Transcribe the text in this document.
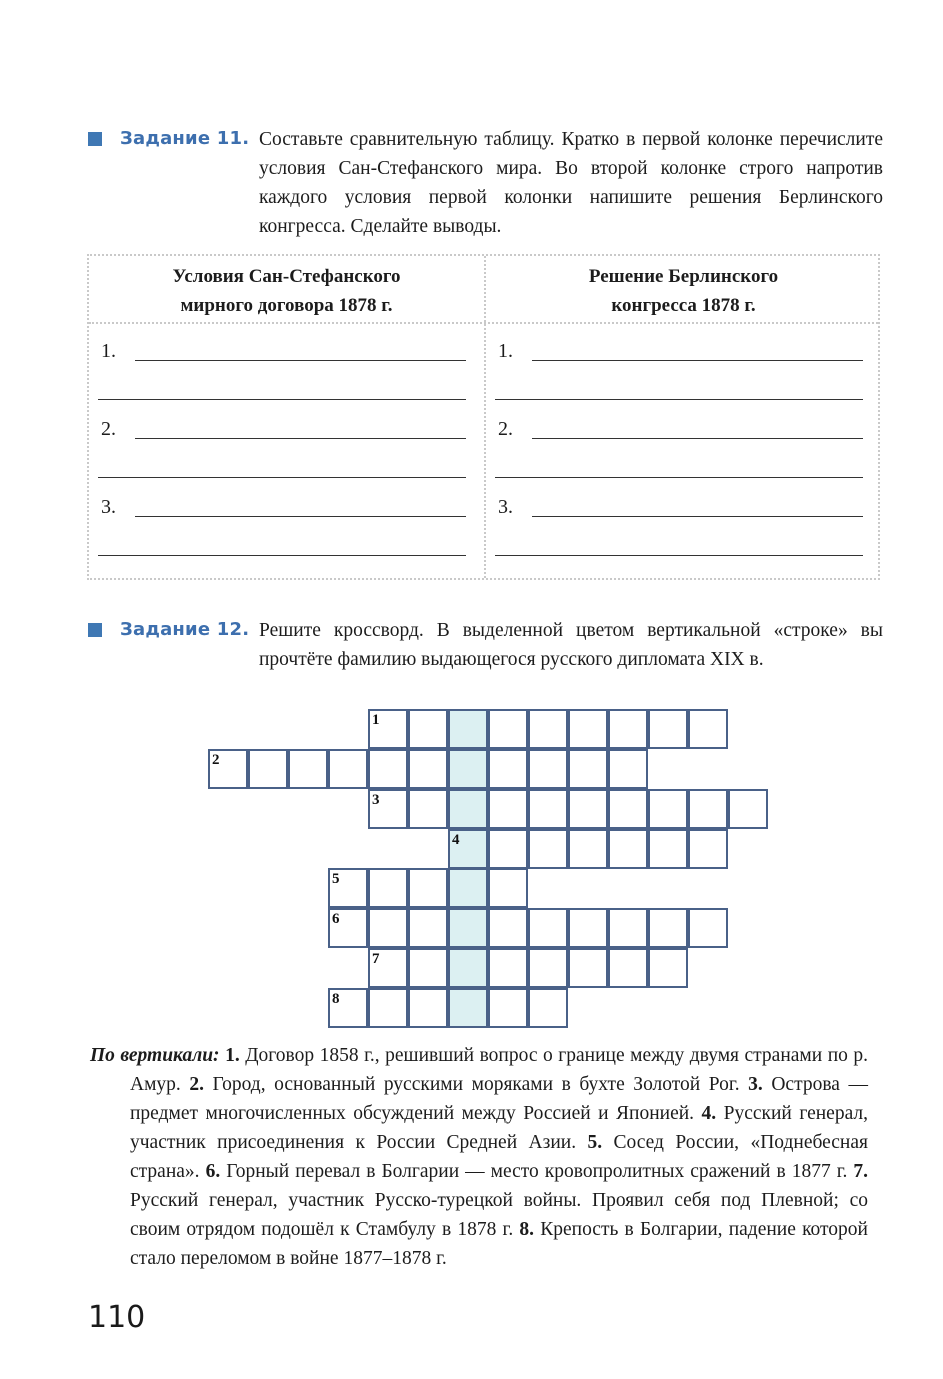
Задание 11. Составьте сравнительную таблицу. Кратко в первой колонке перечислите условия Сан-Стефанского мира. Во второй колонке строго напротив каждого условия первой колонки напишите решения Берлинского конгресса. Сделайте выводы.
Условия Сан-Стефанского
мирного договора 1878 г.
Решение Берлинского
конгресса 1878 г.
1.
2.
3.
1.
2.
3.
Задание 12. Решите кроссворд. В выделенной цветом вертикальной «строке» вы прочтёте фамилию выдающегося русского дипломата XIX в.
1
2
3
4
5
6
7
8
По вертикали: 1. Договор 1858 г., решивший вопрос о границе между двумя странами по р. Амур. 2. Город, основанный русскими моряками в бухте Золотой Рог. 3. Острова — предмет многочисленных обсуждений между Россией и Японией. 4. Русский генерал, участник присоединения к России Средней Азии. 5. Сосед России, «Поднебесная страна». 6. Горный перевал в Болгарии — место кровопролитных сражений в 1877 г. 7. Русский генерал, участник Русско-турецкой войны. Проявил себя под Плевной; со своим отрядом подошёл к Стамбулу в 1878 г. 8. Крепость в Болгарии, падение которой стало переломом в войне 1877–1878 г.
110
